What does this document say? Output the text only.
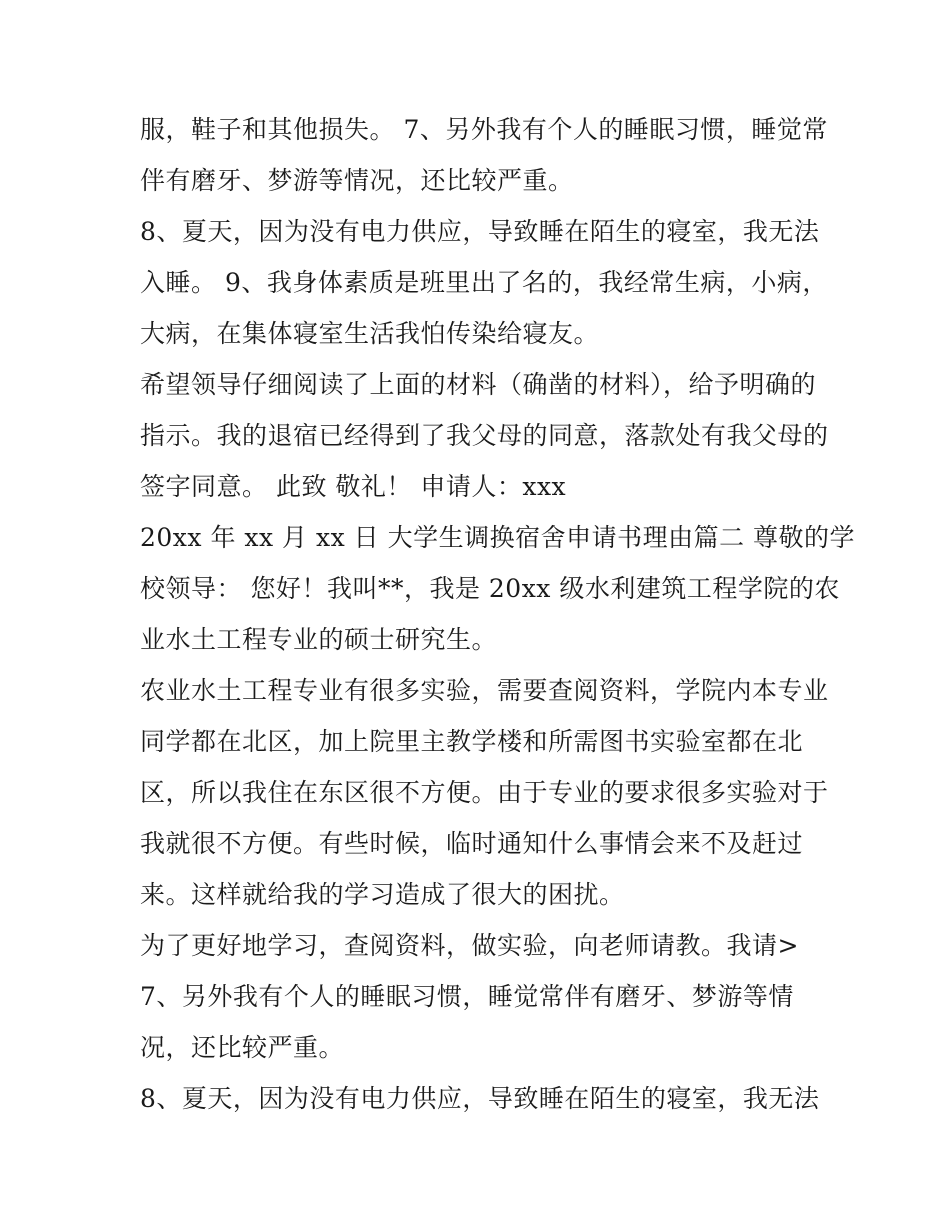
服，鞋子和其他损失。 7、另外我有个人的睡眠习惯，睡觉常
伴有磨牙、梦游等情况，还比较严重。
8、夏天，因为没有电力供应，导致睡在陌生的寝室，我无法
入睡。 9、我身体素质是班里出了名的，我经常生病，小病，
大病，在集体寝室生活我怕传染给寝友。
希望领导仔细阅读了上面的材料（确凿的材料），给予明确的
指示。我的退宿已经得到了我父母的同意，落款处有我父母的
签字同意。 此致 敬礼！ 申请人：xxx
20xx 年 xx 月 xx 日 大学生调换宿舍申请书理由篇二 尊敬的学
校领导： 您好！我叫**，我是 20xx 级水利建筑工程学院的农
业水土工程专业的硕士研究生。
农业水土工程专业有很多实验，需要查阅资料，学院内本专业
同学都在北区，加上院里主教学楼和所需图书实验室都在北
区，所以我住在东区很不方便。由于专业的要求很多实验对于
我就很不方便。有些时候，临时通知什么事情会来不及赶过
来。这样就给我的学习造成了很大的困扰。
为了更好地学习，查阅资料，做实验，向老师请教。我请>
7、另外我有个人的睡眠习惯，睡觉常伴有磨牙、梦游等情
况，还比较严重。
8、夏天，因为没有电力供应，导致睡在陌生的寝室，我无法
